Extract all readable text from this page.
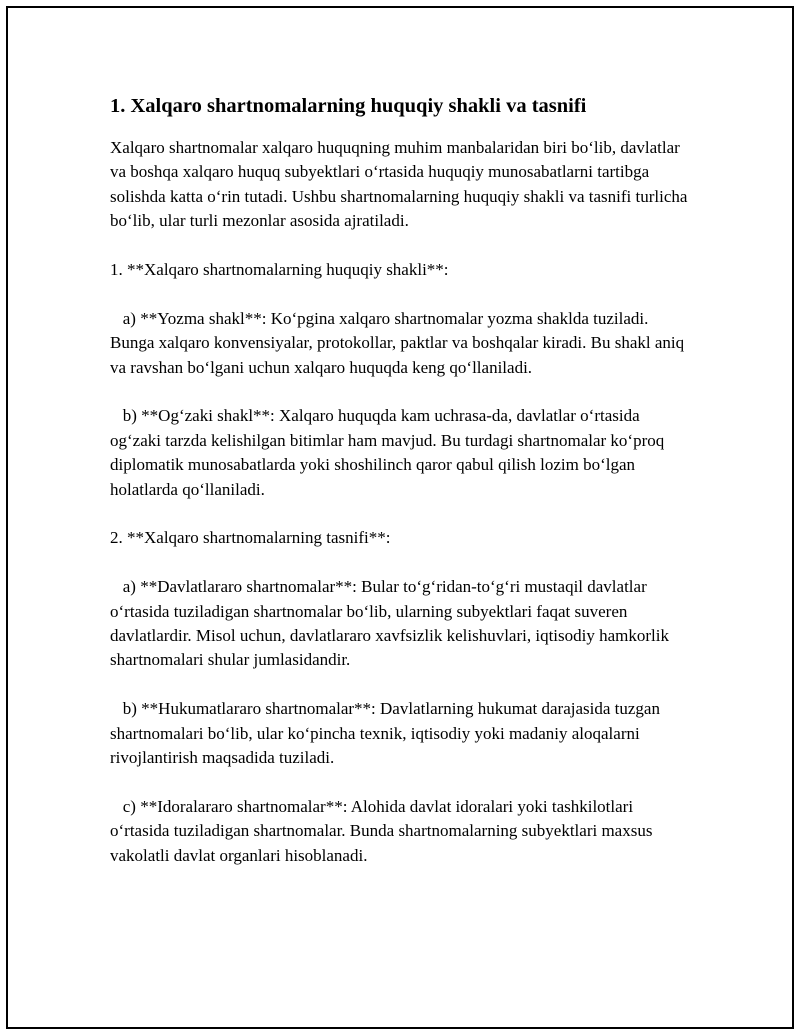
1. Xalqaro shartnomalarning huquqiy shakli va tasnifi

Xalqaro shartnomalar xalqaro huquqning muhim manbalaridan biri bo‘lib, davlatlar va boshqa xalqaro huquq subyektlari o‘rtasida huquqiy munosabatlarni tartibga solishda katta o‘rin tutadi. Ushbu shartnomalarning huquqiy shakli va tasnifi turlicha bo‘lib, ular turli mezonlar asosida ajratiladi.

1. **Xalqaro shartnomalarning huquqiy shakli**:

a) **Yozma shakl**: Ko‘pgina xalqaro shartnomalar yozma shaklda tuziladi. Bunga xalqaro konvensiyalar, protokollar, paktlar va boshqalar kiradi. Bu shakl aniq va ravshan bo‘lgani uchun xalqaro huquqda keng qo‘llaniladi.

b) **Og‘zaki shakl**: Xalqaro huquqda kam uchrasa-da, davlatlar o‘rtasida og‘zaki tarzda kelishilgan bitimlar ham mavjud. Bu turdagi shartnomalar ko‘proq diplomatik munosabatlarda yoki shoshilinch qaror qabul qilish lozim bo‘lgan holatlarda qo‘llaniladi.

2. **Xalqaro shartnomalarning tasnifi**:

a) **Davlatlararo shartnomalar**: Bular to‘g‘ridan-to‘g‘ri mustaqil davlatlar o‘rtasida tuziladigan shartnomalar bo‘lib, ularning subyektlari faqat suveren davlatlardir. Misol uchun, davlatlararo xavfsizlik kelishuvlari, iqtisodiy hamkorlik shartnomalari shular jumlasidandir.

b) **Hukumatlararo shartnomalar**: Davlatlarning hukumat darajasida tuzgan shartnomalari bo‘lib, ular ko‘pincha texnik, iqtisodiy yoki madaniy aloqalarni rivojlantirish maqsadida tuziladi.

c) **Idoralararo shartnomalar**: Alohida davlat idoralari yoki tashkilotlari o‘rtasida tuziladigan shartnomalar. Bunda shartnomalarning subyektlari maxsus vakolatli davlat organlari hisoblanadi.
